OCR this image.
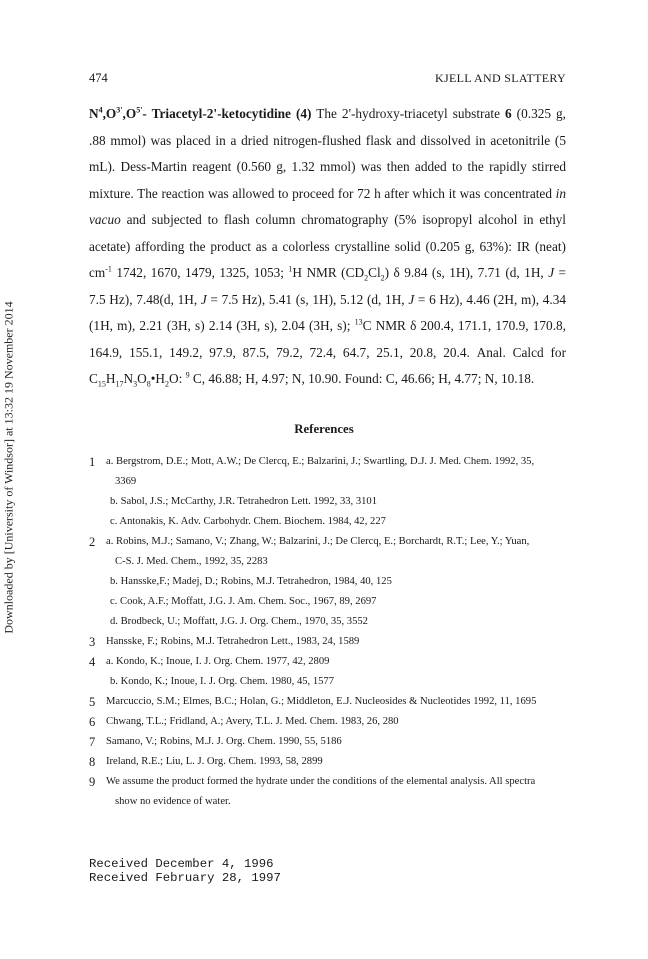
474	KJELL AND SLATTERY
Downloaded by [University of Windsor] at 13:32 19 November 2014
$N^4,O^{3'},O^{5'}-$ Triacetyl-2'-ketocytidine (4) The 2'-hydroxy-triacetyl substrate 6 (0.325 g, .88 mmol) was placed in a dried nitrogen-flushed flask and dissolved in acetonitrile (5 mL). Dess-Martin reagent (0.560 g, 1.32 mmol) was then added to the rapidly stirred mixture. The reaction was allowed to proceed for 72 h after which it was concentrated in vacuo and subjected to flash column chromatography (5% isopropyl alcohol in ethyl acetate) affording the product as a colorless crystalline solid (0.205 g, 63%): IR (neat) $cm^{-1}$ 1742, 1670, 1479, 1325, 1053; $^1$H NMR $(CD_2Cl_2)$ δ 9.84 (s, 1H), 7.71 (d, 1H, J = 7.5 Hz), 7.48(d, 1H, J = 7.5 Hz), 5.41 (s, 1H), 5.12 (d, 1H, J = 6 Hz), 4.46 (2H, m), 4.34 (1H, m), 2.21 (3H, s) 2.14 (3H, s), 2.04 (3H, s); $^{13}$C NMR δ 200.4, 171.1, 170.9, 170.8, 164.9, 155.1, 149.2, 97.9, 87.5, 79.2, 72.4, 64.7, 25.1, 20.8, 20.4. Anal. Calcd for $C_{15}H_{17}N_3O_8•H_2O$: $^9$ C, 46.88; H, 4.97; N, 10.90. Found: C, 46.66; H, 4.77; N, 10.18.
References
1 a. Bergstrom, D.E.; Mott, A.W.; De Clercq, E.; Balzarini, J.; Swartling, D.J. J. Med. Chem. 1992, 35,
3369
b. Sabol, J.S.; McCarthy, J.R. Tetrahedron Lett. 1992, 33, 3101
c. Antonakis, K. Adv. Carbohydr. Chem. Biochem. 1984, 42, 227
2 a. Robins, M.J.; Samano, V.; Zhang, W.; Balzarini, J.; De Clercq, E.; Borchardt, R.T.; Lee, Y.; Yuan,
C-S. J. Med. Chem., 1992, 35, 2283
b. Hansske,F.; Madej, D.; Robins, M.J. Tetrahedron, 1984, 40, 125
c. Cook, A.F.; Moffatt, J.G. J. Am. Chem. Soc., 1967, 89, 2697
d. Brodbeck, U.; Moffatt, J.G. J. Org. Chem., 1970, 35, 3552
3 Hansske, F.; Robins, M.J. Tetrahedron Lett., 1983, 24, 1589
4 a. Kondo, K.; Inoue, I. J. Org. Chem. 1977, 42, 2809
b. Kondo, K.; Inoue, I. J. Org. Chem. 1980, 45, 1577
5 Marcuccio, S.M.; Elmes, B.C.; Holan, G.; Middleton, E.J. Nucleosides & Nucleotides 1992, 11, 1695
6 Chwang, T.L.; Fridland, A.; Avery, T.L. J. Med. Chem. 1983, 26, 280
7 Samano, V.; Robins, M.J. J. Org. Chem. 1990, 55, 5186
8 Ireland, R.E.; Liu, L. J. Org. Chem. 1993, 58, 2899
9 We assume the product formed the hydrate under the conditions of the elemental analysis. All spectra
show no evidence of water.
Received December 4, 1996
Received February 28, 1997
